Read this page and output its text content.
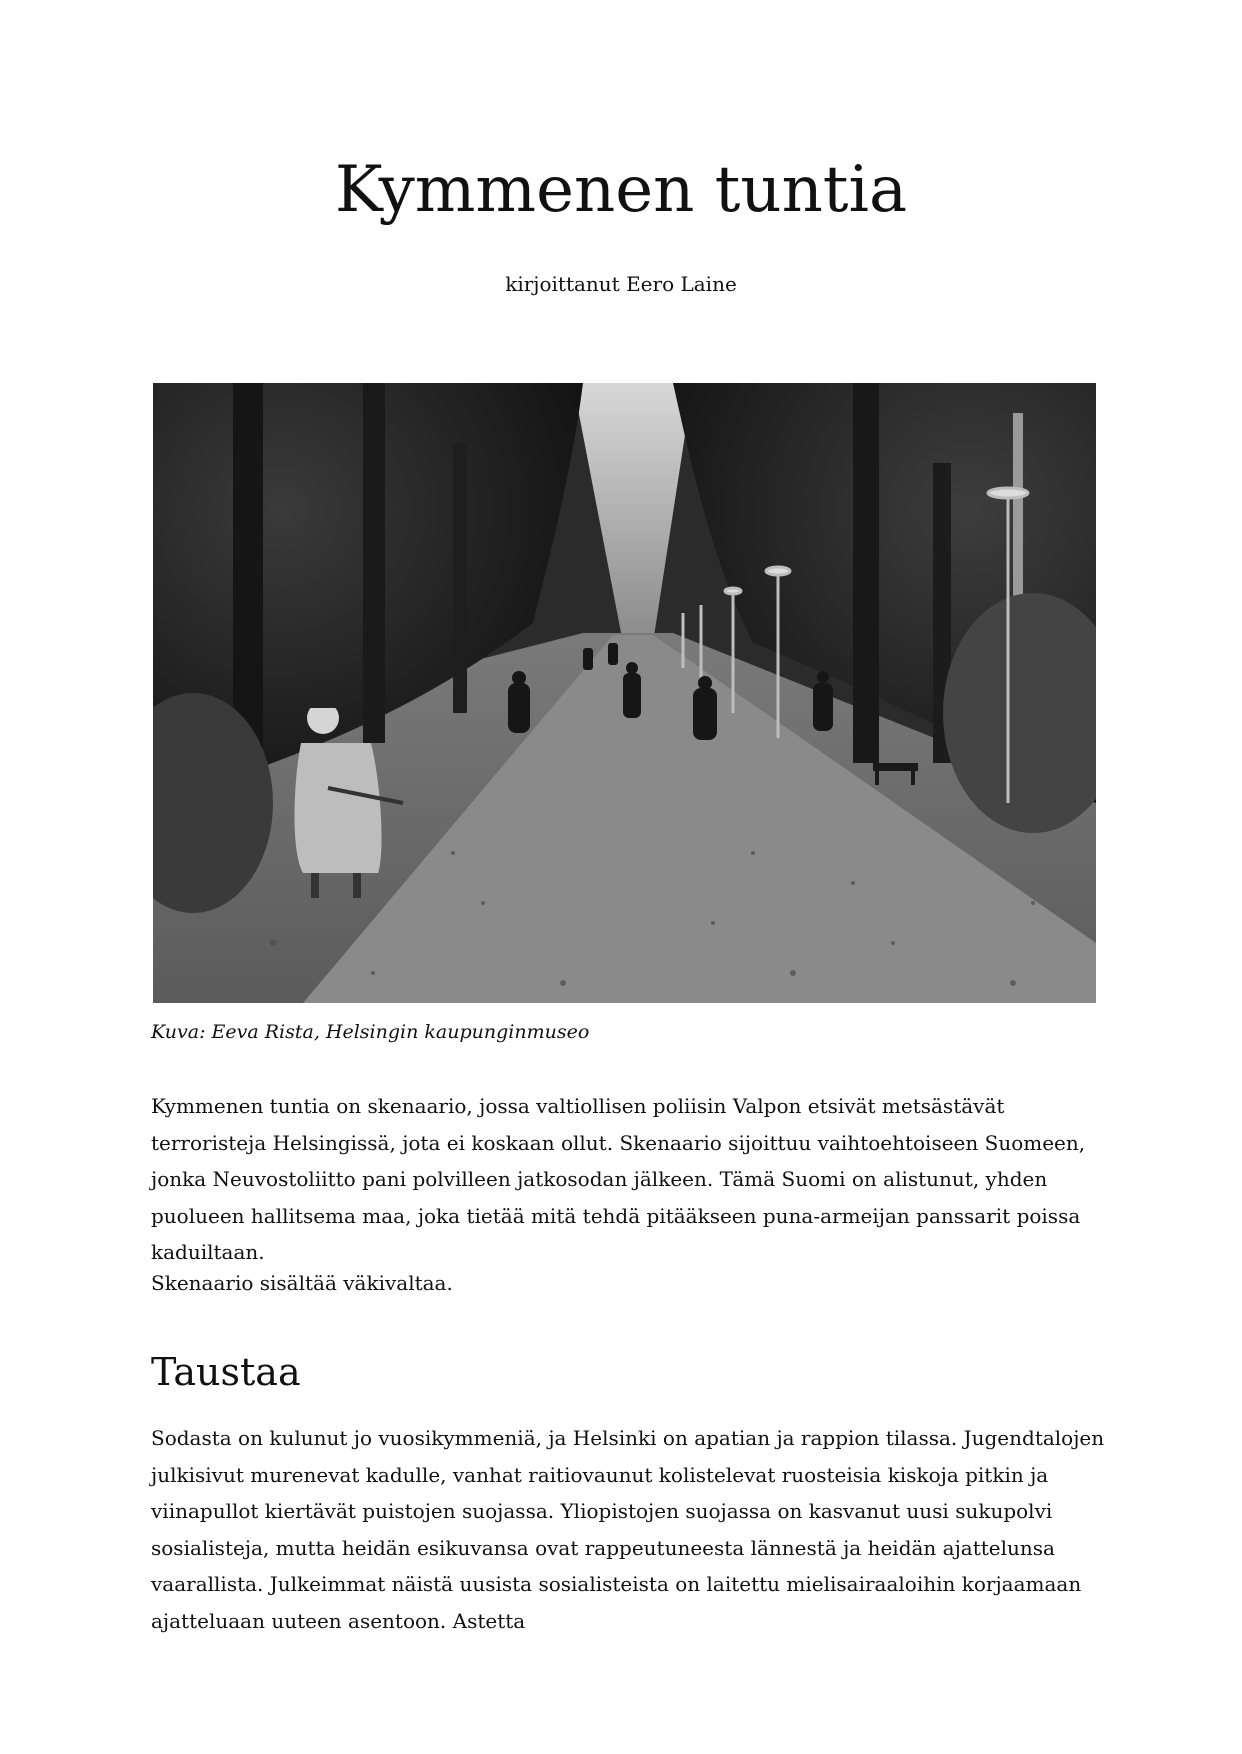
Kymmenen tuntia
kirjoittanut Eero Laine
Kuva: Eeva Rista, Helsingin kaupunginmuseo

Kymmenen tuntia on skenaario, jossa valtiollisen poliisin Valpon etsivät metsästävät terroristeja Helsingissä, jota ei koskaan ollut. Skenaario sijoittuu vaihtoehtoiseen Suomeen, jonka Neuvostoliitto pani polvilleen jatkosodan jälkeen. Tämä Suomi on alistunut, yhden puolueen hallitsema maa, joka tietää mitä tehdä pitääkseen puna-armeijan panssarit poissa kaduiltaan.

Skenaario sisältää väkivaltaa.

Taustaa

Sodasta on kulunut jo vuosikymmeniä, ja Helsinki on apatian ja rappion tilassa. Jugendtalojen julkisivut murenevat kadulle, vanhat raitiovaunut kolistelevat ruosteisia kiskoja pitkin ja viinapullot kiertävät puistojen suojassa. Yliopistojen suojassa on kasvanut uusi sukupolvi sosialisteja, mutta heidän esikuvansa ovat rappeutuneesta lännestä ja heidän ajattelunsa vaarallista. Julkeimmat näistä uusista sosialisteista on laitettu mielisairaaloihin korjaamaan ajatteluaan uuteen asentoon. Astetta
